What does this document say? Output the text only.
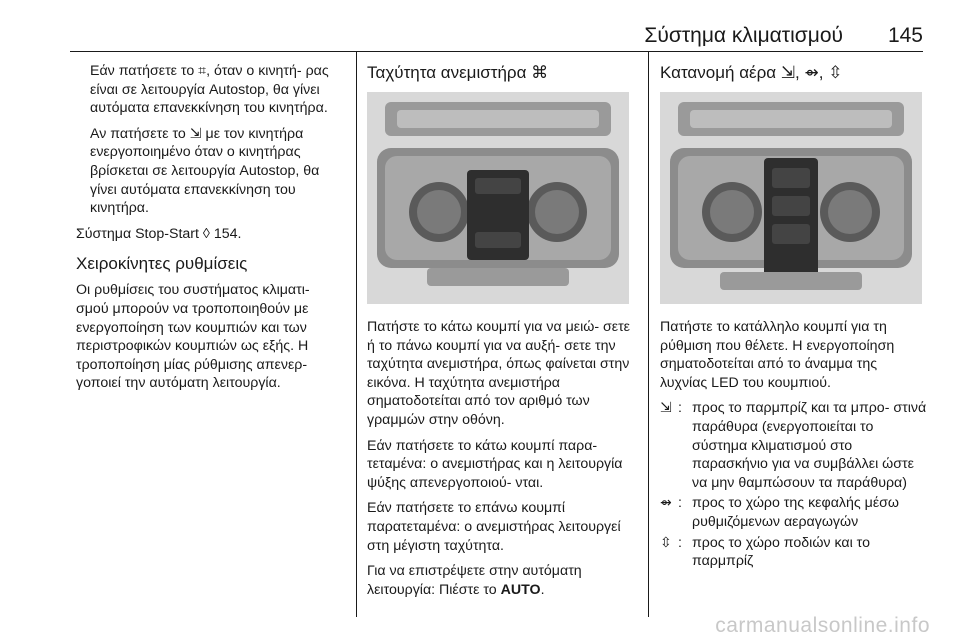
Σύστημα κλιματισμού 145

Εάν πατήσετε το ⌗, όταν ο κινητή- ρας είναι σε λειτουργία Autostop, θα γίνει αυτόματα επανεκκίνηση του κινητήρα.

Αν πατήσετε το ⇲ με τον κινητήρα ενεργοποιημένο όταν ο κινητήρας βρίσκεται σε λειτουργία Autostop, θα γίνει αυτόματα επανεκκίνηση του κινητήρα.

Σύστημα Stop-Start ◊ 154.

Χειροκίνητες ρυθμίσεις

Οι ρυθμίσεις του συστήματος κλιματι- σμού μπορούν να τροποποιηθούν με ενεργοποίηση των κουμπιών και των περιστροφικών κουμπιών ως εξής. Η τροποποίηση μίας ρύθμισης απενερ- γοποιεί την αυτόματη λειτουργία.

Ταχύτητα ανεμιστήρα ⌘

Πατήστε το κάτω κουμπί για να μειώ- σετε ή το πάνω κουμπί για να αυξή- σετε την ταχύτητα ανεμιστήρα, όπως φαίνεται στην εικόνα. Η ταχύτητα ανεμιστήρα σηματοδοτείται από τον αριθμό των γραμμών στην οθόνη.

Εάν πατήσετε το κάτω κουμπί παρα- τεταμένα: ο ανεμιστήρας και η λειτουργία ψύξης απενεργοποιού- νται.

Εάν πατήσετε το επάνω κουμπί παρατεταμένα: ο ανεμιστήρας λειτουργεί στη μέγιστη ταχύτητα.

Για να επιστρέψετε στην αυτόματη λειτουργία: Πιέστε το AUTO.

Κατανομή αέρα ⇲, ⇴, ⇳

Πατήστε το κατάλληλο κουμπί για τη ρύθμιση που θέλετε. Η ενεργοποίηση σηματοδοτείται από το άναμμα της λυχνίας LED του κουμπιού.

⇲ : προς το παρμπρίζ και τα μπρο- στινά παράθυρα (ενεργοποιείται το σύστημα κλιματισμού στο παρασκήνιο για να συμβάλλει ώστε να μην θαμπώσουν τα παράθυρα)
⇴ : προς το χώρο της κεφαλής μέσω ρυθμιζόμενων αεραγωγών
⇳ : προς το χώρο ποδιών και το παρμπρίζ
carmanualsonline.info
